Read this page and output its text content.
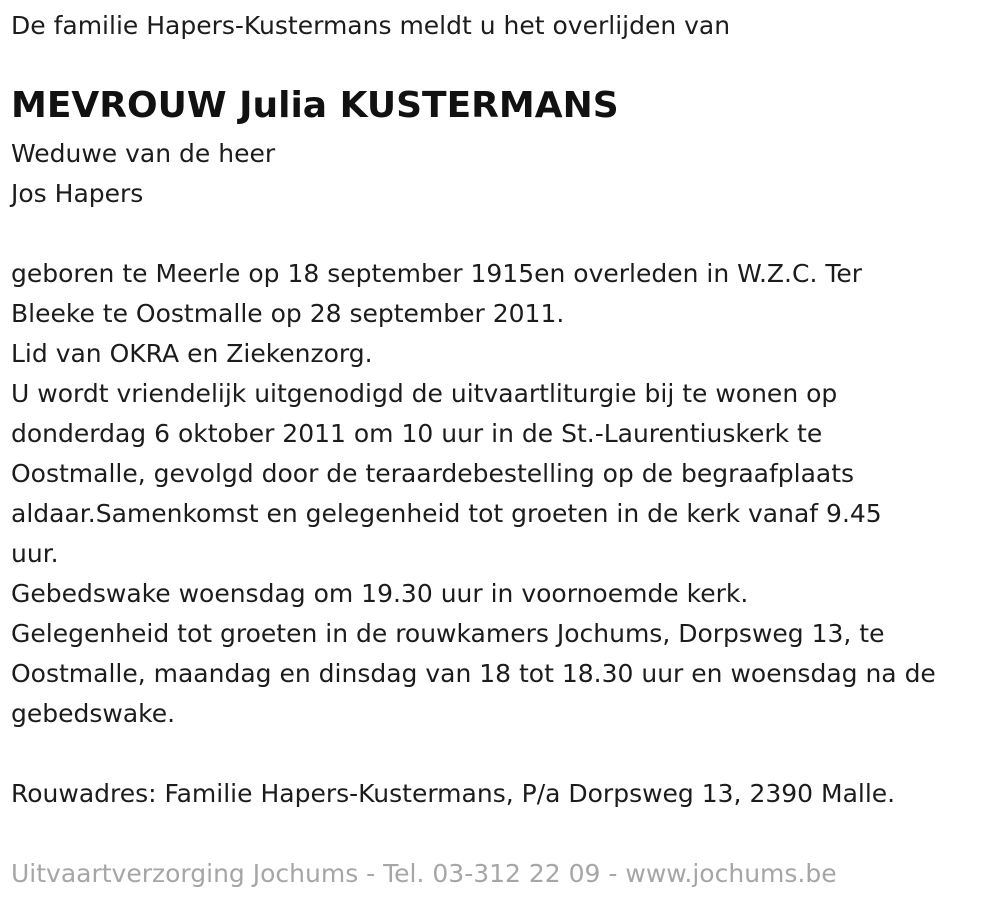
De familie Hapers-Kustermans meldt u het overlijden van
MEVROUW Julia KUSTERMANS
Weduwe van de heer
Jos Hapers
geboren te Meerle op 18 september 1915en overleden in W.Z.C. Ter
Bleeke te Oostmalle op 28 september 2011.
Lid van OKRA en Ziekenzorg.
U wordt vriendelijk uitgenodigd de uitvaartliturgie bij te wonen op
donderdag 6 oktober 2011 om 10 uur in de St.-Laurentiuskerk te
Oostmalle, gevolgd door de teraardebestelling op de begraafplaats
aldaar.Samenkomst en gelegenheid tot groeten in de kerk vanaf 9.45
uur.
Gebedswake woensdag om 19.30 uur in voornoemde kerk.
Gelegenheid tot groeten in de rouwkamers Jochums, Dorpsweg 13, te
Oostmalle, maandag en dinsdag van 18 tot 18.30 uur en woensdag na de
gebedswake.
Rouwadres: Familie Hapers-Kustermans, P/a Dorpsweg 13, 2390 Malle.
Uitvaartverzorging Jochums - Tel. 03-312 22 09 - www.jochums.be
